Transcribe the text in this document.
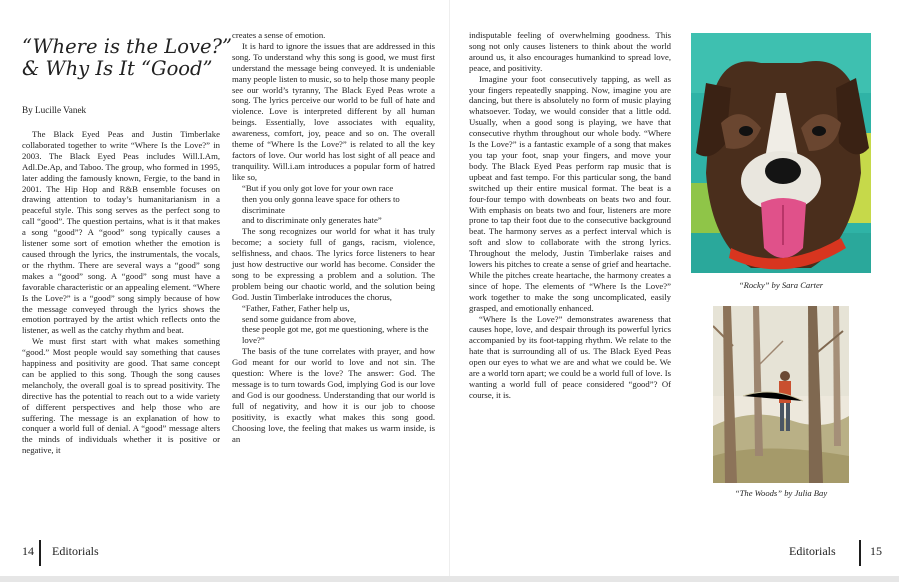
“Where is the Love?”
& Why Is It “Good”
By Lucille Vanek

The Black Eyed Peas and Justin Timberlake collaborated together to write “Where Is the Love?” in 2003. The Black Eyed Peas includes Will.I.Am, Adl.De.Ap, and Taboo. The group, who formed in 1995, later adding the famously known, Fergie, to the band in 2001. The Hip Hop and R&B ensemble focuses on drawing attention to today’s humanitarianism in a peaceful style. This song serves as the perfect song to call “good”. The question pertains, what is it that makes a song “good”? A “good” song typically causes a listener some sort of emotion whether the emotion is caused through the lyrics, the instrumentals, the vocals, or the rhythm. There are several ways a “good” song makes a “good” song. A “good” song must have a favorable characteristic or an appealing element. “Where Is the Love?” is a “good” song simply because of how the message conveyed through the lyrics shows the emotion portrayed by the artist which reflects onto the listener, as well as the catchy rhythm and beat.

We must first start with what makes something “good.” Most people would say something that causes happiness and positivity are good. That same concept can be applied to this song. Though the song causes melancholy, the overall goal is to spread positivity. The directive has the potential to reach out to a wide variety of different perspectives and help those who are suffering. The message is an explanation of how to conquer a world full of denial. A “good” message alters the minds of individuals whether it is positive or negative, it

creates a sense of emotion.

It is hard to ignore the issues that are addressed in this song. To understand why this song is good, we must first understand the message being conveyed. It is undeniable many people listen to music, so to help those many people see our world’s tyranny, The Black Eyed Peas wrote a song. The lyrics perceive our world to be full of hate and violence. Love is interpreted different by all human beings. Essentially, love associates with equality, awareness, comfort, joy, peace and so on. The overall theme of “Where Is the Love?” is related to all the key factors of love. Our world has lost sight of all peace and tranquility. Will.i.am introduces a popular form of hatred like so,

“But if you only got love for your own race

then you only gonna leave space for others to discriminate

and to discriminate only generates hate”

The song recognizes our world for what it has truly become; a society full of gangs, racism, violence, selfishness, and chaos. The lyrics force listeners to hear just how destructive our world has become. Consider the song to be expressing a problem and a solution. The problem being our chaotic world, and the solution being God. Justin Timberlake introduces the chorus,

“Father, Father, Father help us,

send some guidance from above,

these people got me, got me questioning, where is the love?”

The basis of the tune correlates with prayer, and how God meant for our world to love and not sin. The question: Where is the love? The answer: God. The message is to turn towards God, implying God is our love and God is our goodness. Understanding that our world is full of negativity, and how it is our job to choose positivity, is exactly what makes this song good. Choosing love, the feeling that makes us warm inside, is an

indisputable feeling of overwhelming goodness. This song not only causes listeners to think about the world around us, it also encourages humankind to spread love, peace, and positivity.

Imagine your foot consecutively tapping, as well as your fingers repeatedly snapping. Now, imagine you are dancing, but there is absolutely no form of music playing whatsoever. Today, we would consider that a little odd. Usually, when a good song is playing, we have that consecutive rhythm throughout our whole body. “Where Is the Love?” is a fantastic example of a song that makes you tap your foot, snap your fingers, and move your body. The Black Eyed Peas perform rap music that is upbeat and fast tempo. For this particular song, the band switched up their entire musical format. The beat is a four-four tempo with downbeats on beats two and four. With emphasis on beats two and four, listeners are more prone to tap their foot due to the consecutive background beat. The harmony serves as a perfect interval which is soft and slow to collaborate with the strong lyrics. Throughout the melody, Justin Timberlake raises and lowers his pitches to create a sense of grief and heartache. While the pitches create heartache, the harmony creates a since of hope. The elements of “Where Is the Love?” work together to make the song uncomplicated, easily grasped, and emotionally enhanced.

“Where Is the Love?” demonstrates awareness that causes hope, love, and despair through its powerful lyrics accompanied by its foot-tapping rhythm. We relate to the hate that is surrounding all of us. The Black Eyed Peas open our eyes to what we are and what we could be. We are a world torn apart; we could be a world full of love. Is wanting a world full of peace considered “good”? Of course, it is.

“Rocky” by Sara Carter
“The Woods” by Julia Bay
14 Editorials	Editorials	15
